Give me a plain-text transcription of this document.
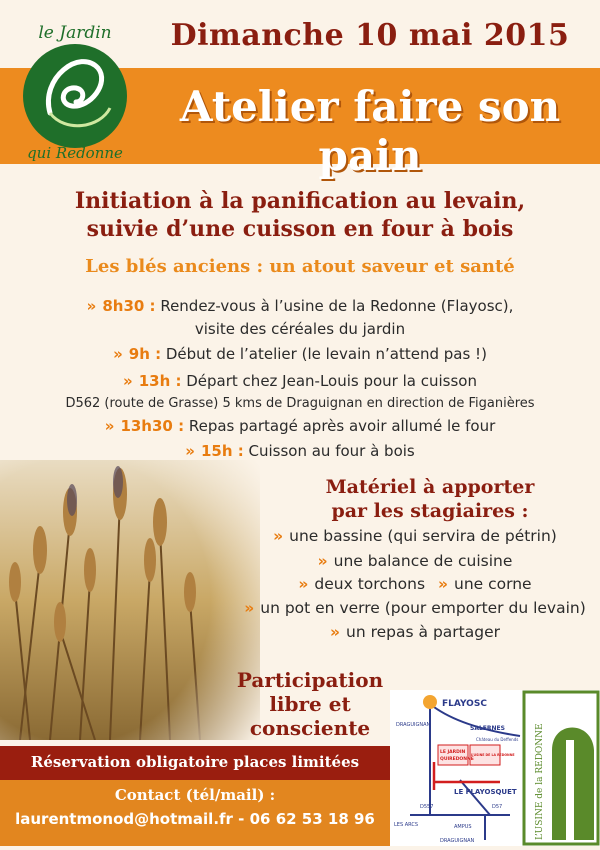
Dimanche 10 mai 2015
Atelier faire son pain
le Jardin
qui Redonne
Initiation à la panification au levain,
suivie d’une cuisson en four à bois
Les blés anciens : un atout saveur et santé
» 8h30 : Rendez-vous à l’usine de la Redonne (Flayosc),
visite des céréales du jardin
» 9h : Début de l’atelier (le levain n’attend pas !)
» 13h : Départ chez Jean-Louis pour la cuisson
D562 (route de Grasse) 5 kms de Draguignan en direction de Figanières
» 13h30 : Repas partagé après avoir allumé le four
» 15h : Cuisson au four à bois
Matériel à apporter
par les stagiaires :
» une bassine (qui servira de pétrin)
» une balance de cuisine
» deux torchons » une corne
» un pot en verre (pour emporter du levain)
» un repas à partager
Participation
libre et
consciente
Réservation obligatoire places limitées
Contact (tél/mail) :
laurentmonod@hotmail.fr - 06 62 53 18 96
FLAYOSC
SALERNES
Château du Deffends
DRAGUIGNAN
LE JARDIN
QUIREDONNE
L’USINE DE LA REDONNE
LE FLAYOSQUET
D557
LES ARCS	AMPUS
D57
DRAGUIGNAN
L’USINE de la REDONNE
